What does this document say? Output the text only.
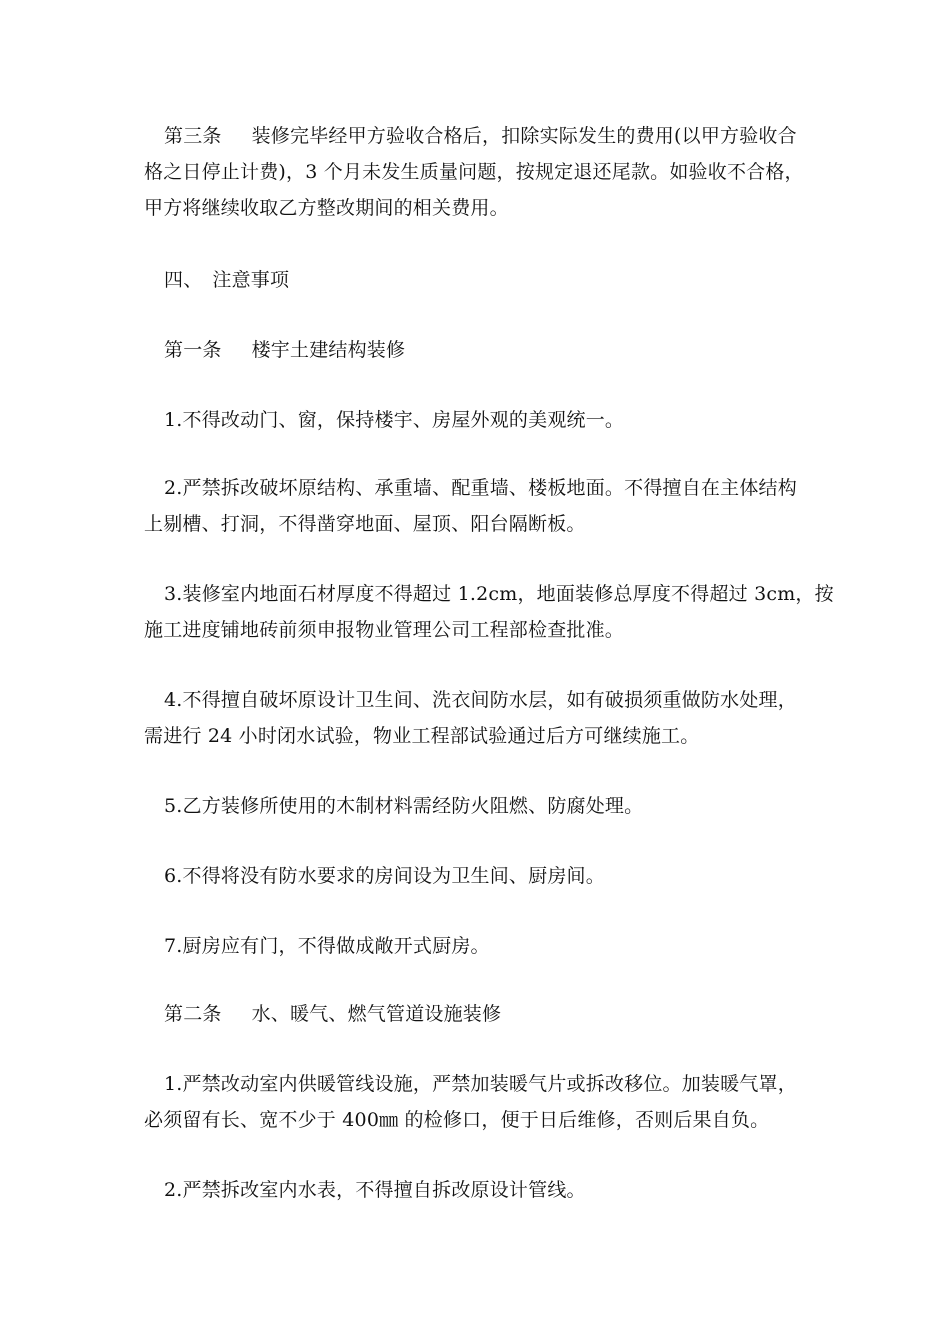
第三条 装修完毕经甲方验收合格后，扣除实际发生的费用(以甲方验收合
格之日停止计费)，3 个月未发生质量问题，按规定退还尾款。如验收不合格，
甲方将继续收取乙方整改期间的相关费用。
四、 注意事项
第一条 楼宇土建结构装修
1.不得改动门、窗，保持楼宇、房屋外观的美观统一。
2.严禁拆改破坏原结构、承重墙、配重墙、楼板地面。不得擅自在主体结构
上剔槽、打洞，不得凿穿地面、屋顶、阳台隔断板。
3.装修室内地面石材厚度不得超过 1.2cm，地面装修总厚度不得超过 3cm，按
施工进度铺地砖前须申报物业管理公司工程部检查批准。
4.不得擅自破坏原设计卫生间、洗衣间防水层，如有破损须重做防水处理，
需进行 24 小时闭水试验，物业工程部试验通过后方可继续施工。
5.乙方装修所使用的木制材料需经防火阻燃、防腐处理。
6.不得将没有防水要求的房间设为卫生间、厨房间。
7.厨房应有门，不得做成敞开式厨房。
第二条 水、暖气、燃气管道设施装修
1.严禁改动室内供暖管线设施，严禁加装暖气片或拆改移位。加装暖气罩，
必须留有长、宽不少于 400㎜ 的检修口，便于日后维修，否则后果自负。
2.严禁拆改室内水表，不得擅自拆改原设计管线。
